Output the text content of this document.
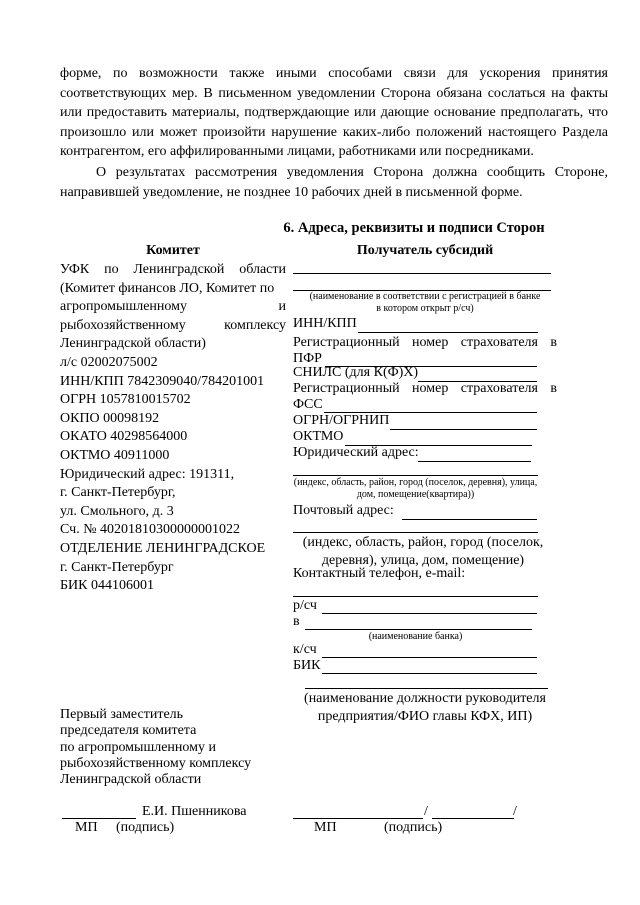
форме, по возможности также иными способами связи для ускорения принятия соответствующих мер. В письменном уведомлении Сторона обязана сослаться на факты или предоставить материалы, подтверждающие или дающие основание предполагать, что произошло или может произойти нарушение каких-либо положений настоящего Раздела контрагентом, его аффилированными лицами, работниками или посредниками.

О результатах рассмотрения уведомления Сторона должна сообщить Стороне, направившей уведомление, не позднее 10 рабочих дней в письменной форме.

6. Адреса, реквизиты и подписи Сторон

Комитет	Получатель субсидий

УФК по Ленинградской области
(Комитет финансов ЛО, Комитет по
агропромышленному	и
рыбохозяйственному	комплексу
Ленинградской области)
л/с 02002075002
ИНН/КПП 7842309040/784201001
ОГРН 1057810015702
ОКПО 00098192
ОКАТО 40298564000
ОКТМО 40911000
Юридический адрес: 191311,
г. Санкт-Петербург,
ул. Смольного, д. 3
Сч. № 40201810300000001022
ОТДЕЛЕНИЕ ЛЕНИНГРАДСКОЕ
г. Санкт-Петербург
БИК 044106001
(наименование в соответствии с регистрацией в банке
в котором открыт р/сч)
ИНН/КПП
Регистрационный номер страхователя в
ПФР
СНИЛС (для К(Ф)Х)
Регистрационный номер страхователя в
ФСС
ОГРН/ОГРНИП
ОКТМО
Юридический адрес:
(индекс, область, район, город (поселок, деревня), улица,
дом, помещение(квартира))
Почтовый адрес:
(индекс, область, район, город (поселок,
деревня), улица, дом, помещение)
Контактный телефон, e-mail:
р/сч
в
(наименование банка)
к/сч
БИК
(наименование должности руководителя
предприятия/ФИО главы КФХ, ИП)
Первый заместитель
председателя комитета
по агропромышленному и
рыбохозяйственному комплексу
Ленинградской области
Е.И. Пшенникова
МП (подпись)
/	/
МП	(подпись)
